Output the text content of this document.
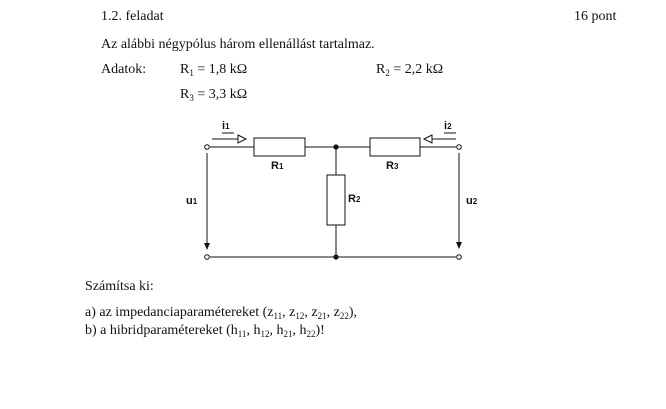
1.2. feladat	16 pont
Az alábbi négypólus három ellenállást tartalmaz.
Adatok: $R_1 = 1,8$ kΩ	$R_2 = 2,2$ kΩ
$R_3 = 3,3$ kΩ
i1	i2
R1	R3
R2
u1	u2
Számítsa ki:
a) az impedanciaparamétereket ($z_{11}$, $z_{12}$, $z_{21}$, $z_{22}$),
b) a hibridparamétereket ($h_{11}$, $h_{12}$, $h_{21}$, $h_{22}$)!
